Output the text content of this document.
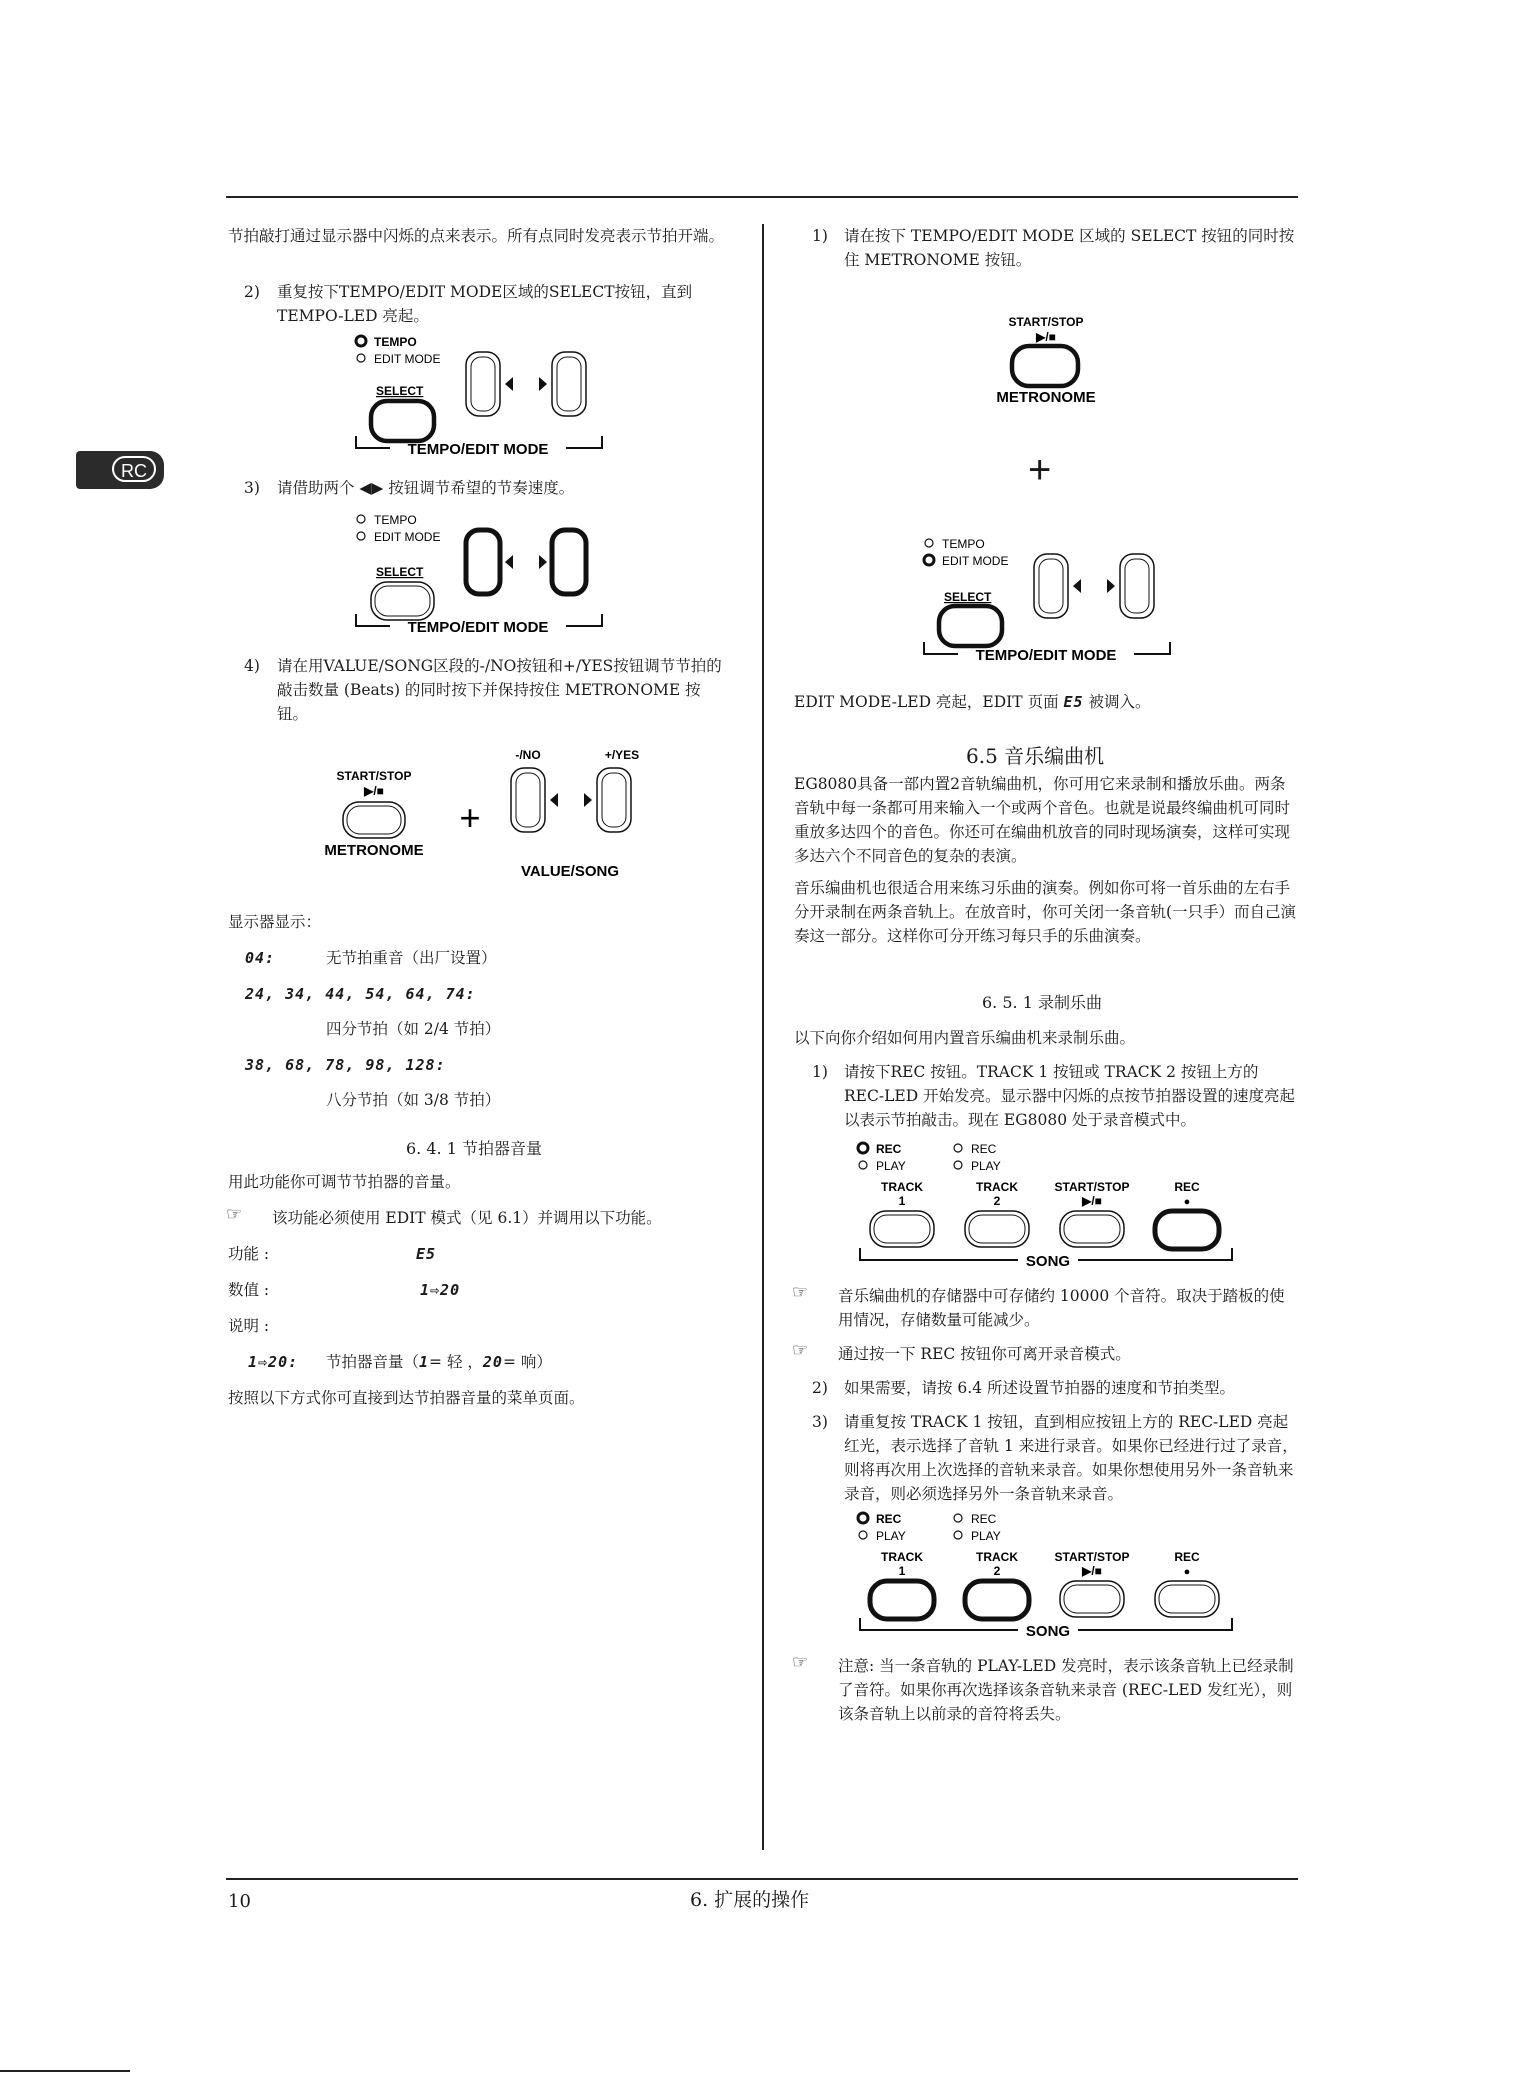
RC
节拍敲打通过显示器中闪烁的点来表示。所有点同时发亮表示节拍开端。
2) 重复按下TEMPO/EDIT MODE区域的SELECT按钮，直到TEMPO-LED 亮起。
TEMPO
EDIT MODE
SELECT
TEMPO/EDIT MODE
3) 请借助两个 ◀▶ 按钮调节希望的节奏速度。
TEMPO
EDIT MODE
SELECT
TEMPO/EDIT MODE
4) 请在用VALUE/SONG区段的-/NO按钮和+/YES按钮调节节拍的敲击数量 (Beats) 的同时按下并保持按住 METRONOME 按钮。
START/STOP
▶/■
METRONOME
+
-/NO	+/YES
VALUE/SONG
显示器显示：
04:	无节拍重音（出厂设置）
24, 34, 44, 54, 64, 74:
四分节拍（如 2/4 节拍）
38, 68, 78, 98, 128:
八分节拍（如 3/8 节拍）
6. 4. 1 节拍器音量
用此功能你可调节节拍器的音量。
☞ 该功能必须使用 EDIT 模式（见 6.1）并调用以下功能。
功能 :	E5
数值 :	1⇨20
说明 :
1⇨20: 节拍器音量（1= 轻 ，20= 响）
按照以下方式你可直接到达节拍器音量的菜单页面。
1) 请在按下 TEMPO/EDIT MODE 区域的 SELECT 按钮的同时按住 METRONOME 按钮。
START/STOP
▶/■
METRONOME
+
TEMPO
EDIT MODE
SELECT
TEMPO/EDIT MODE
EDIT MODE-LED 亮起，EDIT 页面 E5 被调入。
6.5 音乐编曲机
EG8080具备一部内置2音轨编曲机，你可用它来录制和播放乐曲。两条音轨中每一条都可用来输入一个或两个音色。也就是说最终编曲机可同时重放多达四个的音色。你还可在编曲机放音的同时现场演奏，这样可实现多达六个不同音色的复杂的表演。
音乐编曲机也很适合用来练习乐曲的演奏。例如你可将一首乐曲的左右手分开录制在两条音轨上。在放音时，你可关闭一条音轨(一只手）而自己演奏这一部分。这样你可分开练习每只手的乐曲演奏。
6. 5. 1 录制乐曲
以下向你介绍如何用内置音乐编曲机来录制乐曲。
1) 请按下REC 按钮。TRACK 1 按钮或 TRACK 2 按钮上方的 REC-LED 开始发亮。显示器中闪烁的点按节拍器设置的速度亮起以表示节拍敲击。现在 EG8080 处于录音模式中。
REC
PLAY
REC
PLAY
TRACK
1
TRACK
2
START/STOP
▶/■
REC
●
SONG
☞ 音乐编曲机的存储器中可存储约 10000 个音符。取决于踏板的使用情况，存储数量可能减少。
☞ 通过按一下 REC 按钮你可离开录音模式。
2) 如果需要，请按 6.4 所述设置节拍器的速度和节拍类型。
3) 请重复按 TRACK 1 按钮，直到相应按钮上方的 REC-LED 亮起红光，表示选择了音轨 1 来进行录音。如果你已经进行过了录音，则将再次用上次选择的音轨来录音。如果你想使用另外一条音轨来录音，则必须选择另外一条音轨来录音。
REC
PLAY
REC
PLAY
TRACK
1
TRACK
2
START/STOP
▶/■
REC
●
SONG
☞ 注意: 当一条音轨的 PLAY-LED 发亮时，表示该条音轨上已经录制了音符。如果你再次选择该条音轨来录音 (REC-LED 发红光），则该条音轨上以前录的音符将丢失。
10	6. 扩展的操作
